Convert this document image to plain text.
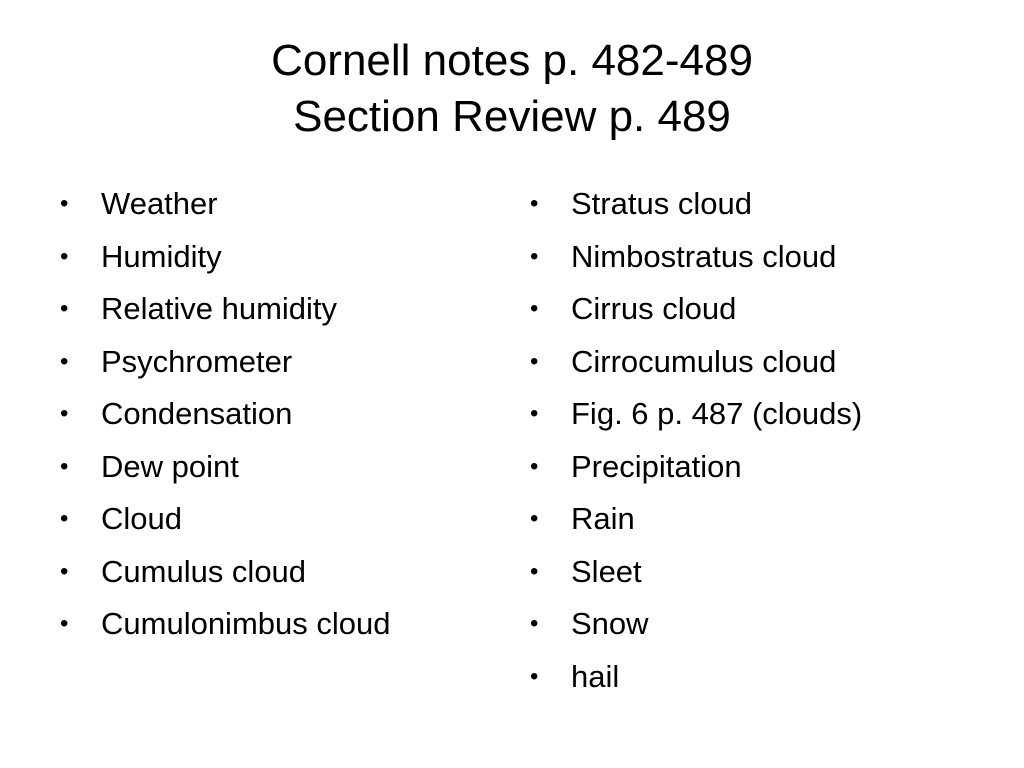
Cornell notes p. 482-489
Section Review p. 489
•	Weather
•	Humidity
•	Relative humidity
•	Psychrometer
•	Condensation
•	Dew point
•	Cloud
•	Cumulus cloud
•	Cumulonimbus cloud
•	Stratus cloud
•	Nimbostratus cloud
•	Cirrus cloud
•	Cirrocumulus cloud
•	Fig. 6 p. 487 (clouds)
•	Precipitation
•	Rain
•	Sleet
•	Snow
•	hail
